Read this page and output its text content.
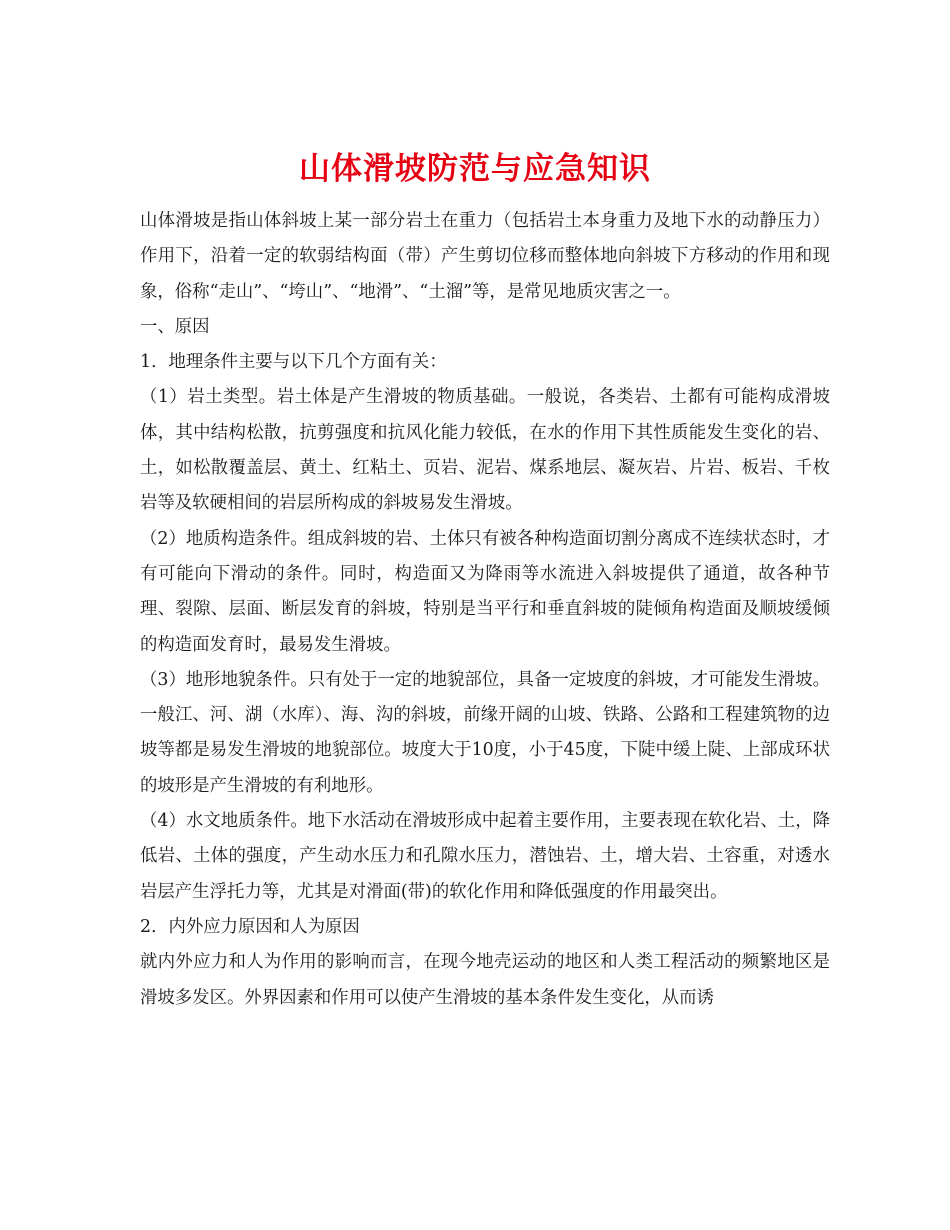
山体滑坡防范与应急知识

山体滑坡是指山体斜坡上某一部分岩土在重力（包括岩土本身重力及地下水的动静压力）作用下，沿着一定的软弱结构面（带）产生剪切位移而整体地向斜坡下方移动的作用和现象，俗称“走山”、“垮山”、“地滑”、“土溜”等，是常见地质灾害之一。

一、原因

1．地理条件主要与以下几个方面有关：

（1）岩土类型。岩土体是产生滑坡的物质基础。一般说，各类岩、土都有可能构成滑坡体，其中结构松散，抗剪强度和抗风化能力较低，在水的作用下其性质能发生变化的岩、土，如松散覆盖层、黄土、红粘土、页岩、泥岩、煤系地层、凝灰岩、片岩、板岩、千枚岩等及软硬相间的岩层所构成的斜坡易发生滑坡。

（2）地质构造条件。组成斜坡的岩、土体只有被各种构造面切割分离成不连续状态时，才有可能向下滑动的条件。同时，构造面又为降雨等水流进入斜坡提供了通道，故各种节理、裂隙、层面、断层发育的斜坡，特别是当平行和垂直斜坡的陡倾角构造面及顺坡缓倾的构造面发育时，最易发生滑坡。

（3）地形地貌条件。只有处于一定的地貌部位，具备一定坡度的斜坡，才可能发生滑坡。一般江、河、湖（水库）、海、沟的斜坡，前缘开阔的山坡、铁路、公路和工程建筑物的边坡等都是易发生滑坡的地貌部位。坡度大于10度，小于45度，下陡中缓上陡、上部成环状的坡形是产生滑坡的有利地形。

（4）水文地质条件。地下水活动在滑坡形成中起着主要作用，主要表现在软化岩、土，降低岩、土体的强度，产生动水压力和孔隙水压力，潜蚀岩、土，增大岩、土容重，对透水岩层产生浮托力等，尤其是对滑面(带)的软化作用和降低强度的作用最突出。

2．内外应力原因和人为原因

就内外应力和人为作用的影响而言，在现今地壳运动的地区和人类工程活动的频繁地区是滑坡多发区。外界因素和作用可以使产生滑坡的基本条件发生变化，从而诱
